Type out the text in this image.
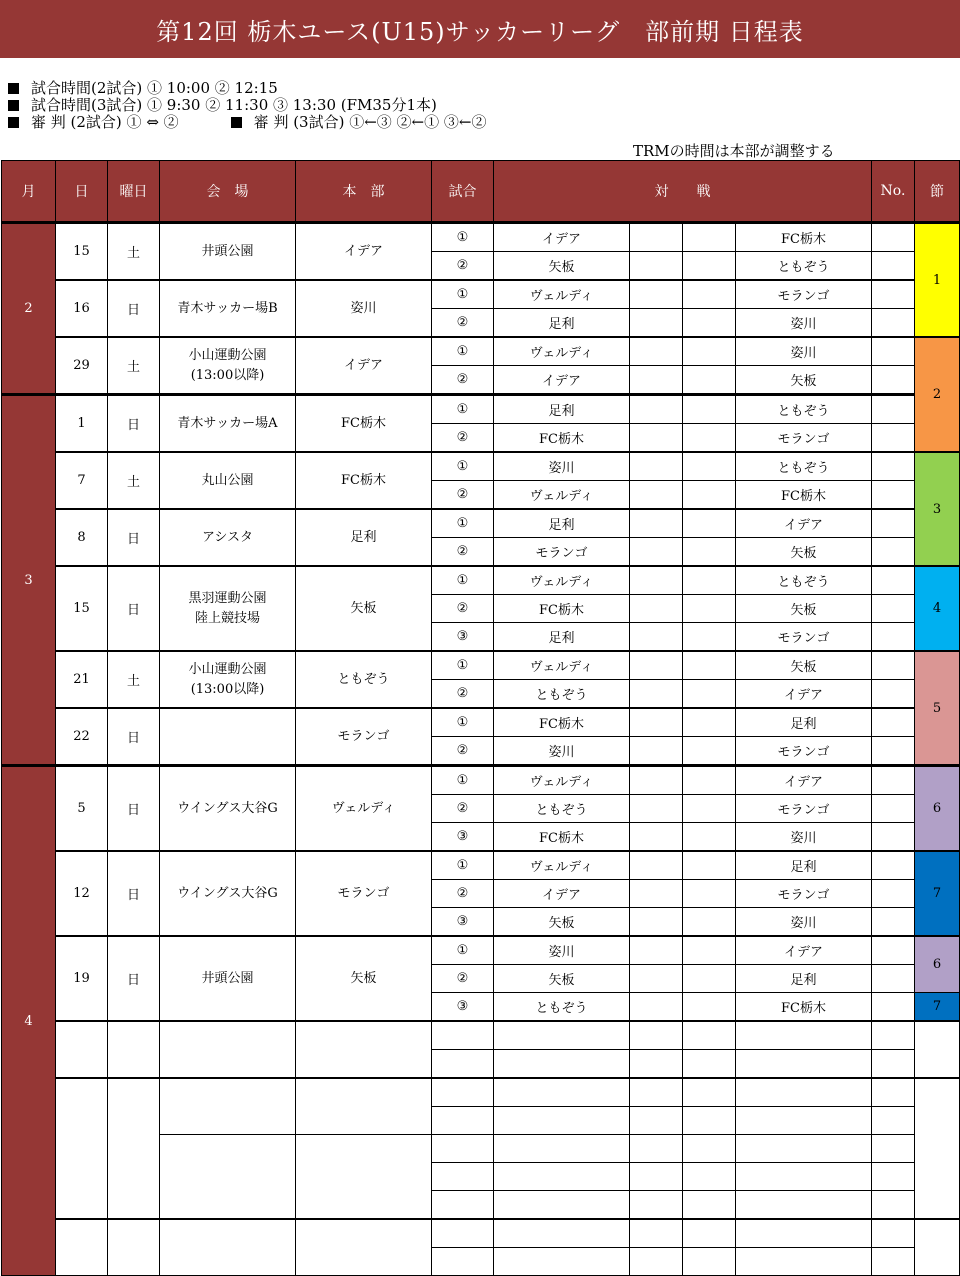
第12回 栃木ユース(U15)サッカーリーグ　部前期 日程表
試合時間(2試合) ① 10:00 ② 12:15
試合時間(3試合) ① 9:30 ② 11:30 ③ 13:30 (FM35分1本)
審 判 (2試合) ① ⇔ ②	審 判 (3試合) ①←③ ②←① ③←②
TRMの時間は本部が調整する
月	日	曜日	会　場	本　部	試合	対　　戦				No.	節
2	15	土	井頭公園	イデア	①	イデア			FC栃木		1
					②	矢板			ともぞう		
	16	日	青木サッカー場B	姿川	①	ヴェルディ			モランゴ		
					②	足利			姿川		
	29	土	小山運動公園
(13:00以降)	イデア	①	ヴェルディ			姿川		2
					②	イデア			矢板		
3	1	日	青木サッカー場A	FC栃木	①	足利			ともぞう		
					②	FC栃木			モランゴ		
	7	土	丸山公園	FC栃木	①	姿川			ともぞう		3
					②	ヴェルディ			FC栃木		
	8	日	アシスタ	足利	①	足利			イデア		
					②	モランゴ			矢板		
	15	日	黒羽運動公園
陸上競技場	矢板	①	ヴェルディ			ともぞう		4
					②	FC栃木			矢板		
					③	足利			モランゴ		
	21	土	小山運動公園
(13:00以降)	ともぞう	①	ヴェルディ			矢板		5
					②	ともぞう			イデア		
	22	日		モランゴ	①	FC栃木			足利		
					②	姿川			モランゴ		
4	5	日	ウイングス大谷G	ヴェルディ	①	ヴェルディ			イデア		6
					②	ともぞう			モランゴ		
					③	FC栃木			姿川		
	12	日	ウイングス大谷G	モランゴ	①	ヴェルディ			足利		7
					②	イデア			モランゴ		
					③	矢板			姿川		
	19	日	井頭公園	矢板	①	姿川			イデア		6
					②	矢板			足利		
					③	ともぞう			FC栃木		7
